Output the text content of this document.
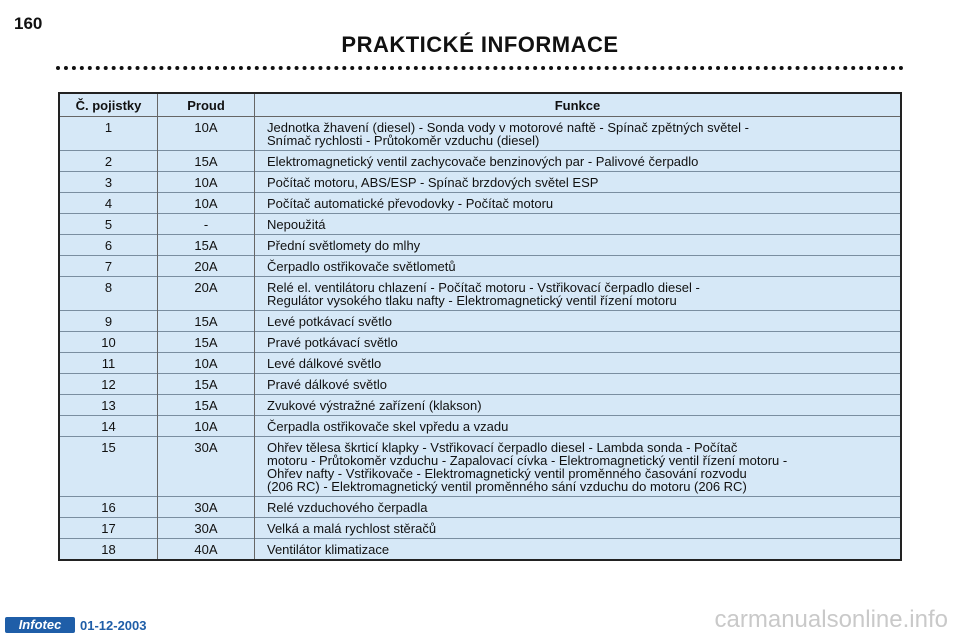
160
PRAKTICKÉ INFORMACE
Č. pojistky	Proud	Funkce
1	10A	Jednotka žhavení (diesel) - Sonda vody v motorové naftě - Spínač zpětných světel -
Snímač rychlosti - Průtokoměr vzduchu (diesel)

2	15A	Elektromagnetický ventil zachycovače benzinových par - Palivové čerpadlo

3	10A	Počítač motoru, ABS/ESP - Spínač brzdových světel ESP

4	10A	Počítač automatické převodovky - Počítač motoru

5	-	Nepoužitá

6	15A	Přední světlomety do mlhy

7	20A	Čerpadlo ostřikovače světlometů

8	20A	Relé el. ventilátoru chlazení - Počítač motoru - Vstřikovací čerpadlo diesel -
Regulátor vysokého tlaku nafty - Elektromagnetický ventil řízení motoru

9	15A	Levé potkávací světlo

10	15A	Pravé potkávací světlo

11	10A	Levé dálkové světlo

12	15A	Pravé dálkové světlo

13	15A	Zvukové výstražné zařízení (klakson)

14	10A	Čerpadla ostřikovače skel vpředu a vzadu

15	30A	Ohřev tělesa škrticí klapky - Vstřikovací čerpadlo diesel - Lambda sonda - Počítač
motoru - Průtokoměr vzduchu - Zapalovací cívka - Elektromagnetický ventil řízení motoru -
Ohřev nafty - Vstřikovače - Elektromagnetický ventil proměnného časování rozvodu
(206 RC) - Elektromagnetický ventil proměnného sání vzduchu do motoru (206 RC)

16	30A	Relé vzduchového čerpadla

17	30A	Velká a malá rychlost stěračů

18	40A	Ventilátor klimatizace
Infotec	01-12-2003	carmanualsonline.info
